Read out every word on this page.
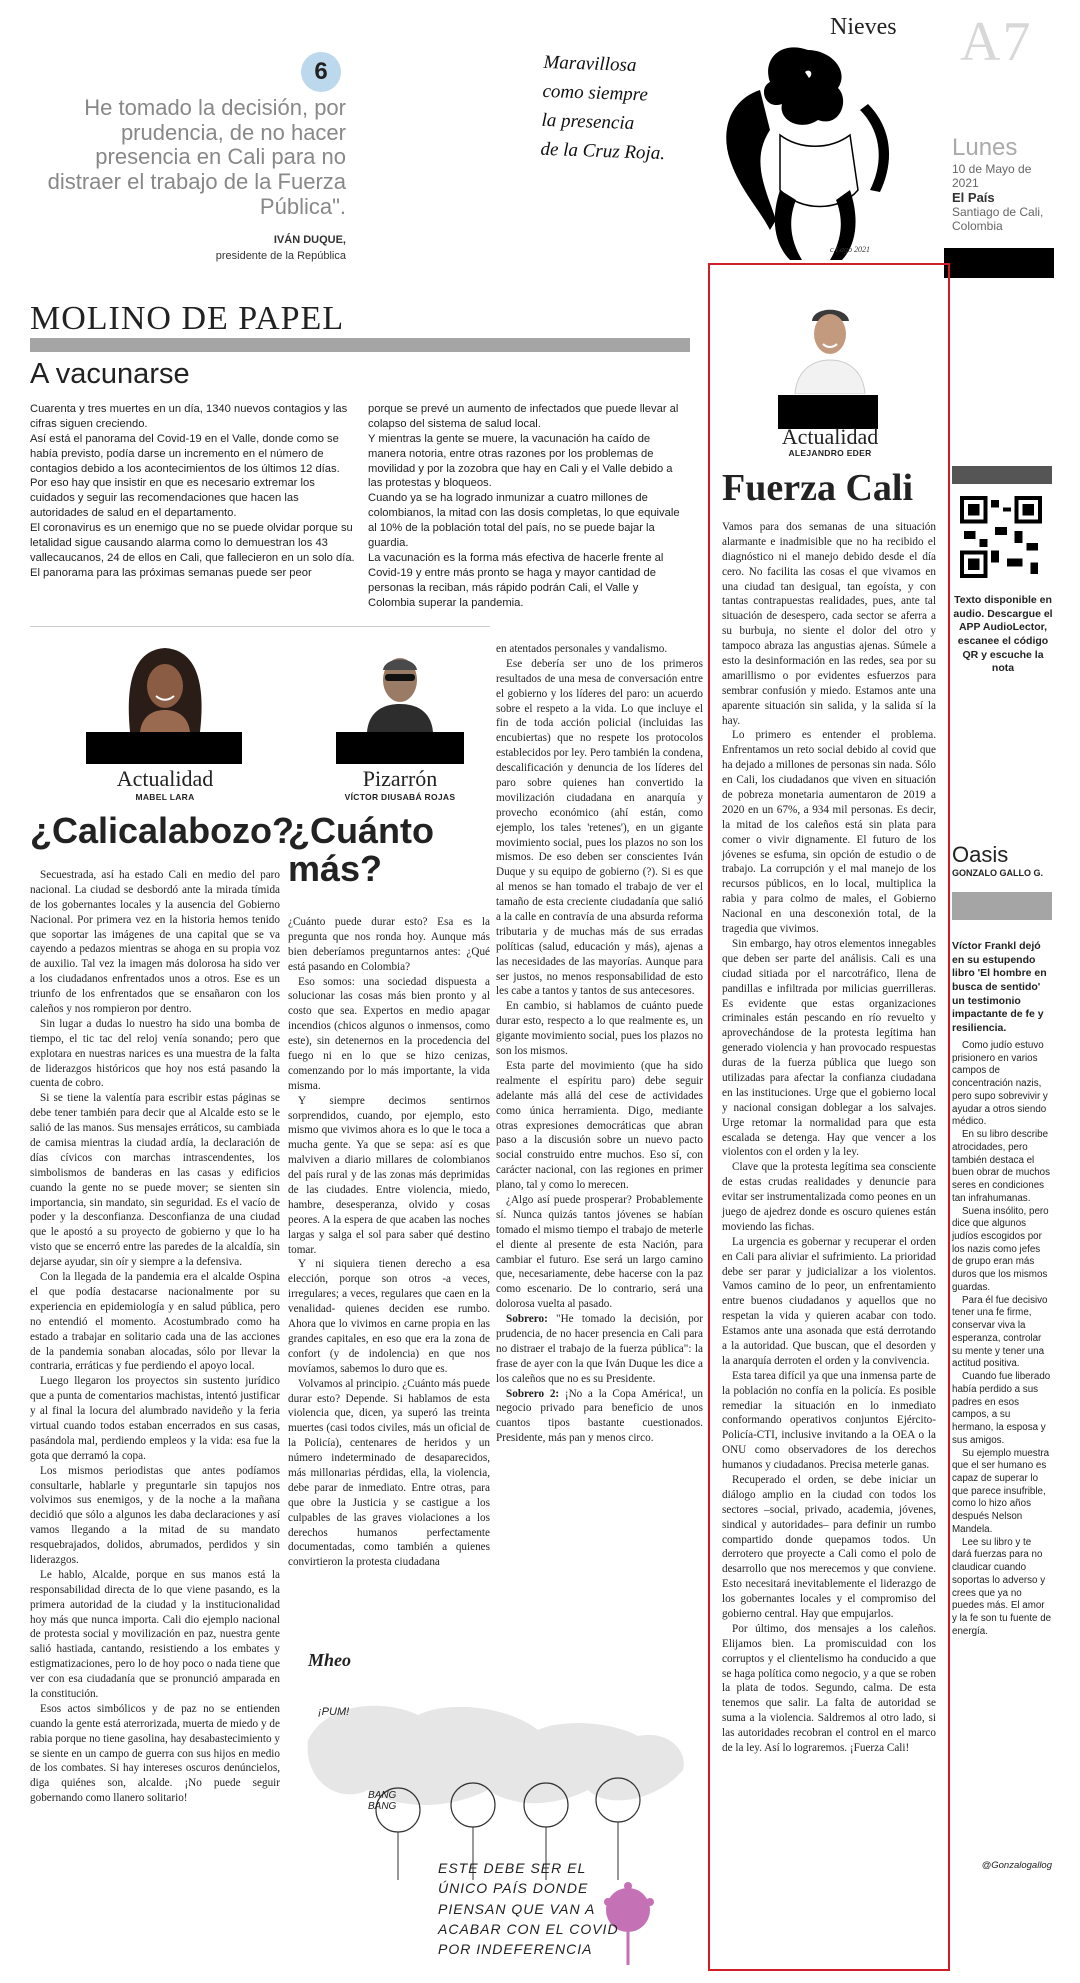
Nieves A7
Lunes
10 de Mayo de 2021
El País
Santiago de Cali, Colombia
6
He tomado la decisión, por prudencia, de no hacer presencia en Cali para no distraer el trabajo de la Fuerza Pública".
IVÁN DUQUE,
presidente de la República
Maravillosa
como siempre
la presencia
de la Cruz Roja.
c.Lago 2021
MOLINO DE PAPEL
A vacunarse
Cuarenta y tres muertes en un día, 1340 nuevos contagios y las cifras siguen creciendo.
Así está el panorama del Covid-19 en el Valle, donde como se había previsto, podía darse un incremento en el número de contagios debido a los acontecimientos de los últimos 12 días.
Por eso hay que insistir en que es necesario extremar los cuidados y seguir las recomendaciones que hacen las autoridades de salud en el departamento.
El coronavirus es un enemigo que no se puede olvidar porque su letalidad sigue causando alarma como lo demuestran los 43 vallecaucanos, 24 de ellos en Cali, que fallecieron en un solo día.
El panorama para las próximas semanas puede ser peor
porque se prevé un aumento de infectados que puede llevar al colapso del sistema de salud local.
Y mientras la gente se muere, la vacunación ha caído de manera notoria, entre otras razones por los problemas de movilidad y por la zozobra que hay en Cali y el Valle debido a las protestas y bloqueos.
Cuando ya se ha logrado inmunizar a cuatro millones de colombianos, la mitad con las dosis completas, lo que equivale al 10% de la población total del país, no se puede bajar la guardia.
La vacunación es la forma más efectiva de hacerle frente al Covid-19 y entre más pronto se haga y mayor cantidad de personas la reciban, más rápido podrán Cali, el Valle y Colombia superar la pandemia.
Actualidad
MABEL LARA
¿Calicalabozo?

Secuestrada, así ha estado Cali en medio del paro nacional. La ciudad se desbordó ante la mirada tímida de los gobernantes locales y la ausencia del Gobierno Nacional. Por primera vez en la historia hemos tenido que soportar las imágenes de una capital que se va cayendo a pedazos mientras se ahoga en su propia voz de auxilio. Tal vez la imagen más dolorosa ha sido ver a los ciudadanos enfrentados unos a otros. Ese es un triunfo de los enfrentados que se ensañaron con los caleños y nos rompieron por dentro.

Sin lugar a dudas lo nuestro ha sido una bomba de tiempo, el tic tac del reloj venía sonando; pero que explotara en nuestras narices es una muestra de la falta de liderazgos históricos que hoy nos está pasando la cuenta de cobro.

Si se tiene la valentía para escribir estas páginas se debe tener también para decir que al Alcalde esto se le salió de las manos. Sus mensajes erráticos, su cambiada de camisa mientras la ciudad ardía, la declaración de días cívicos con marchas intrascendentes, los simbolismos de banderas en las casas y edificios cuando la gente no se puede mover; se sienten sin importancia, sin mandato, sin seguridad. Es el vacío de poder y la desconfianza. Desconfianza de una ciudad que le apostó a su proyecto de gobierno y que lo ha visto que se encerró entre las paredes de la alcaldía, sin dejarse ayudar, sin oír y siempre a la defensiva.

Con la llegada de la pandemia era el alcalde Ospina el que podía destacarse nacionalmente por su experiencia en epidemiología y en salud pública, pero no entendió el momento. Acostumbrado como ha estado a trabajar en solitario cada una de las acciones de la pandemia sonaban alocadas, sólo por llevar la contraria, erráticas y fue perdiendo el apoyo local.

Luego llegaron los proyectos sin sustento jurídico que a punta de comentarios machistas, intentó justificar y al final la locura del alumbrado navideño y la feria virtual cuando todos estaban encerrados en sus casas, pasándola mal, perdiendo empleos y la vida: esa fue la gota que derramó la copa.

Los mismos periodistas que antes podíamos consultarle, hablarle y preguntarle sin tapujos nos volvimos sus enemigos, y de la noche a la mañana decidió que sólo a algunos les daba declaraciones y así vamos llegando a la mitad de su mandato resquebrajados, dolidos, abrumados, perdidos y sin liderazgos.

Le hablo, Alcalde, porque en sus manos está la responsabilidad directa de lo que viene pasando, es la primera autoridad de la ciudad y la institucionalidad hoy más que nunca importa. Cali dio ejemplo nacional de protesta social y movilización en paz, nuestra gente salió hastiada, cantando, resistiendo a los embates y estigmatizaciones, pero lo de hoy poco o nada tiene que ver con esa ciudadanía que se pronunció amparada en la constitución.

Esos actos simbólicos y de paz no se entienden cuando la gente está aterrorizada, muerta de miedo y de rabia porque no tiene gasolina, hay desabastecimiento y se siente en un campo de guerra con sus hijos en medio de los combates. Si hay intereses oscuros denúncielos, diga quiénes son, alcalde. ¡No puede seguir gobernando como llanero solitario!

Pizarrón
VÍCTOR DIUSABÁ ROJAS
¿Cuánto más?

¿Cuánto puede durar esto? Esa es la pregunta que nos ronda hoy. Aunque más bien deberíamos preguntarnos antes: ¿Qué está pasando en Colombia?

Eso somos: una sociedad dispuesta a solucionar las cosas más bien pronto y al costo que sea. Expertos en medio apagar incendios (chicos algunos o inmensos, como este), sin detenernos en la procedencia del fuego ni en lo que se hizo cenizas, comenzando por lo más importante, la vida misma.

Y siempre decimos sentirnos sorprendidos, cuando, por ejemplo, esto mismo que vivimos ahora es lo que le toca a mucha gente. Ya que se sepa: así es que malviven a diario millares de colombianos del país rural y de las zonas más deprimidas de las ciudades. Entre violencia, miedo, hambre, desesperanza, olvido y cosas peores. A la espera de que acaben las noches largas y salga el sol para saber qué destino tomar.

Y ni siquiera tienen derecho a esa elección, porque son otros -a veces, irregulares; a veces, regulares que caen en la venalidad- quienes deciden ese rumbo. Ahora que lo vivimos en carne propia en las grandes capitales, en eso que era la zona de confort (y de indolencia) en que nos movíamos, sabemos lo duro que es.

Volvamos al principio. ¿Cuánto más puede durar esto? Depende. Si hablamos de esta violencia que, dicen, ya superó las treinta muertes (casi todos civiles, más un oficial de la Policía), centenares de heridos y un número indeterminado de desaparecidos, más millonarias pérdidas, ella, la violencia, debe parar de inmediato. Entre otras, para que obre la Justicia y se castigue a los culpables de las graves violaciones a los derechos humanos perfectamente documentadas, como también a quienes convirtieron la protesta ciudadana

en atentados personales y vandalismo.

Ese debería ser uno de los primeros resultados de una mesa de conversación entre el gobierno y los líderes del paro: un acuerdo sobre el respeto a la vida. Lo que incluye el fin de toda acción policial (incluidas las encubiertas) que no respete los protocolos establecidos por ley. Pero también la condena, descalificación y denuncia de los líderes del paro sobre quienes han convertido la movilización ciudadana en anarquía y provecho económico (ahí están, como ejemplo, los tales 'retenes'), en un gigante movimiento social, pues los plazos no son los mismos. De eso deben ser conscientes Iván Duque y su equipo de gobierno (?). Si es que al menos se han tomado el trabajo de ver el tamaño de esta creciente ciudadanía que salió a la calle en contravía de una absurda reforma tributaria y de muchas más de sus erradas políticas (salud, educación y más), ajenas a las necesidades de las mayorías. Aunque para ser justos, no menos responsabilidad de esto les cabe a tantos y tantos de sus antecesores.

En cambio, si hablamos de cuánto puede durar esto, respecto a lo que realmente es, un gigante movimiento social, pues los plazos no son los mismos.

Esta parte del movimiento (que ha sido realmente el espíritu paro) debe seguir adelante más allá del cese de actividades como única herramienta. Digo, mediante otras expresiones democráticas que abran paso a la discusión sobre un nuevo pacto social construido entre muchos. Eso sí, con carácter nacional, con las regiones en primer plano, tal y como lo merecen.

¿Algo así puede prosperar? Probablemente sí. Nunca quizás tantos jóvenes se habían tomado el mismo tiempo el trabajo de meterle el diente al presente de esta Nación, para cambiar el futuro. Ese será un largo camino que, necesariamente, debe hacerse con la paz como escenario. De lo contrario, será una dolorosa vuelta al pasado.

Sobrero: "He tomado la decisión, por prudencia, de no hacer presencia en Cali para no distraer el trabajo de la fuerza pública": la frase de ayer con la que Iván Duque les dice a los caleños que no es su Presidente.

Sobrero 2: ¡No a la Copa América!, un negocio privado para beneficio de unos cuantos tipos bastante cuestionados. Presidente, más pan y menos circo.

Mheo
¡PUM!
BANG BANG
ESTE DEBE SER EL ÚNICO PAÍS DONDE PIENSAN QUE VAN A ACABAR CON EL COVID POR INDEFERENCIA
Actualidad
ALEJANDRO EDER
Fuerza Cali

Vamos para dos semanas de una situación alarmante e inadmisible que no ha recibido el diagnóstico ni el manejo debido desde el día cero. No facilita las cosas el que vivamos en una ciudad tan desigual, tan egoísta, y con tantas contrapuestas realidades, pues, ante tal situación de desespero, cada sector se aferra a su burbuja, no siente el dolor del otro y tampoco abraza las angustias ajenas. Súmele a esto la desinformación en las redes, sea por su amarillismo o por evidentes esfuerzos para sembrar confusión y miedo. Estamos ante una aparente situación sin salida, y la salida sí la hay.

Lo primero es entender el problema. Enfrentamos un reto social debido al covid que ha dejado a millones de personas sin nada. Sólo en Cali, los ciudadanos que viven en situación de pobreza monetaria aumentaron de 2019 a 2020 en un 67%, a 934 mil personas. Es decir, la mitad de los caleños está sin plata para comer o vivir dignamente. El futuro de los jóvenes se esfuma, sin opción de estudio o de trabajo. La corrupción y el mal manejo de los recursos públicos, en lo local, multiplica la rabia y para colmo de males, el Gobierno Nacional en una desconexión total, de la tragedia que vivimos.

Sin embargo, hay otros elementos innegables que deben ser parte del análisis. Cali es una ciudad sitiada por el narcotráfico, llena de pandillas e infiltrada por milicias guerrilleras. Es evidente que estas organizaciones criminales están pescando en río revuelto y aprovechándose de la protesta legítima han generado violencia y han provocado respuestas duras de la fuerza pública que luego son utilizadas para afectar la confianza ciudadana en las instituciones. Urge que el gobierno local y nacional consigan doblegar a los salvajes. Urge retomar la normalidad para que esta escalada se detenga. Hay que vencer a los violentos con el orden y la ley.

Clave que la protesta legítima sea consciente de estas crudas realidades y denuncie para evitar ser instrumentalizada como peones en un juego de ajedrez donde es oscuro quienes están moviendo las fichas.

La urgencia es gobernar y recuperar el orden en Cali para aliviar el sufrimiento. La prioridad debe ser parar y judicializar a los violentos. Vamos camino de lo peor, un enfrentamiento entre buenos ciudadanos y aquellos que no respetan la vida y quieren acabar con todo. Estamos ante una asonada que está derrotando a la autoridad. Que buscan, que el desorden y la anarquía derroten el orden y la convivencia.

Esta tarea difícil ya que una inmensa parte de la población no confía en la policía. Es posible remediar la situación en lo inmediato conformando operativos conjuntos Ejército-Policía-CTI, inclusive invitando a la OEA o la ONU como observadores de los derechos humanos y ciudadanos. Precisa meterle ganas.

Recuperado el orden, se debe iniciar un diálogo amplio en la ciudad con todos los sectores –social, privado, academia, jóvenes, sindical y autoridades– para definir un rumbo compartido donde quepamos todos. Un derrotero que proyecte a Cali como el polo de desarrollo que nos merecemos y que conviene. Esto necesitará inevitablemente el liderazgo de los gobernantes locales y el compromiso del gobierno central. Hay que empujarlos.

Por último, dos mensajes a los caleños. Elijamos bien. La promiscuidad con los corruptos y el clientelismo ha conducido a que se haga política como negocio, y a que se roben la plata de todos. Segundo, calma. De esta tenemos que salir. La falta de autoridad se suma a la violencia. Saldremos al otro lado, si las autoridades recobran el control en el marco de la ley. Así lo lograremos. ¡Fuerza Cali!

Texto disponible en audio. Descargue el APP AudioLector, escanee el código QR y escuche la nota
Oasis
GONZALO GALLO G.
Víctor Frankl dejó en su estupendo libro 'El hombre en busca de sentido' un testimonio impactante de fe y resiliencia.

Como judío estuvo prisionero en varios campos de concentración nazis, pero supo sobrevivir y ayudar a otros siendo médico.

En su libro describe atrocidades, pero también destaca el buen obrar de muchos seres en condiciones tan infrahumanas.

Suena insólito, pero dice que algunos judíos escogidos por los nazis como jefes de grupo eran más duros que los mismos guardas.

Para él fue decisivo tener una fe firme, conservar viva la esperanza, controlar su mente y tener una actitud positiva.

Cuando fue liberado había perdido a sus padres en esos campos, a su hermano, la esposa y sus amigos.

Su ejemplo muestra que el ser humano es capaz de superar lo que parece insufrible, como lo hizo años después Nelson Mandela.

Lee su libro y te dará fuerzas para no claudicar cuando soportas lo adverso y crees que ya no puedes más. El amor y la fe son tu fuente de energía.

@Gonzalogallog
